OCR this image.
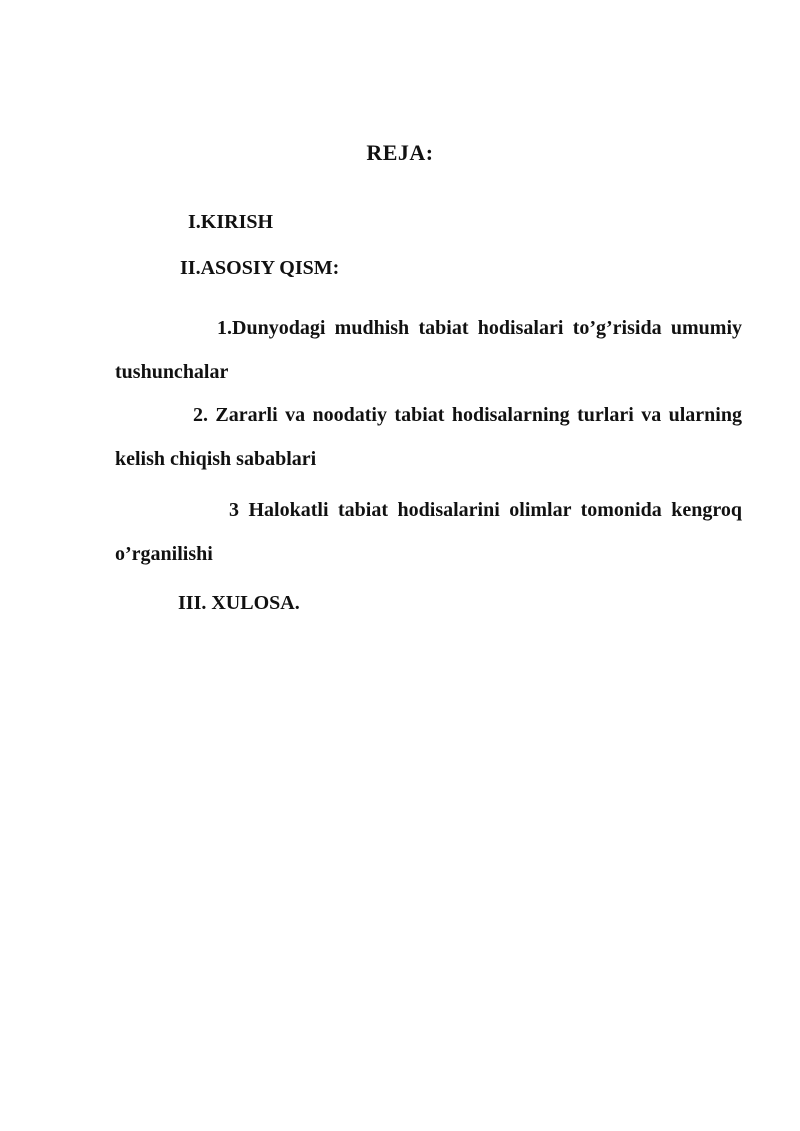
REJA:
I.KIRISH
II.ASOSIY QISM:
1.Dunyodagi mudhish tabiat hodisalari to’g’risida umumiy tushunchalar
2. Zararli va noodatiy tabiat hodisalarning turlari va ularning kelish chiqish sabablari
3 Halokatli tabiat hodisalarini olimlar tomonida kengroq o’rganilishi
III. XULOSA.
